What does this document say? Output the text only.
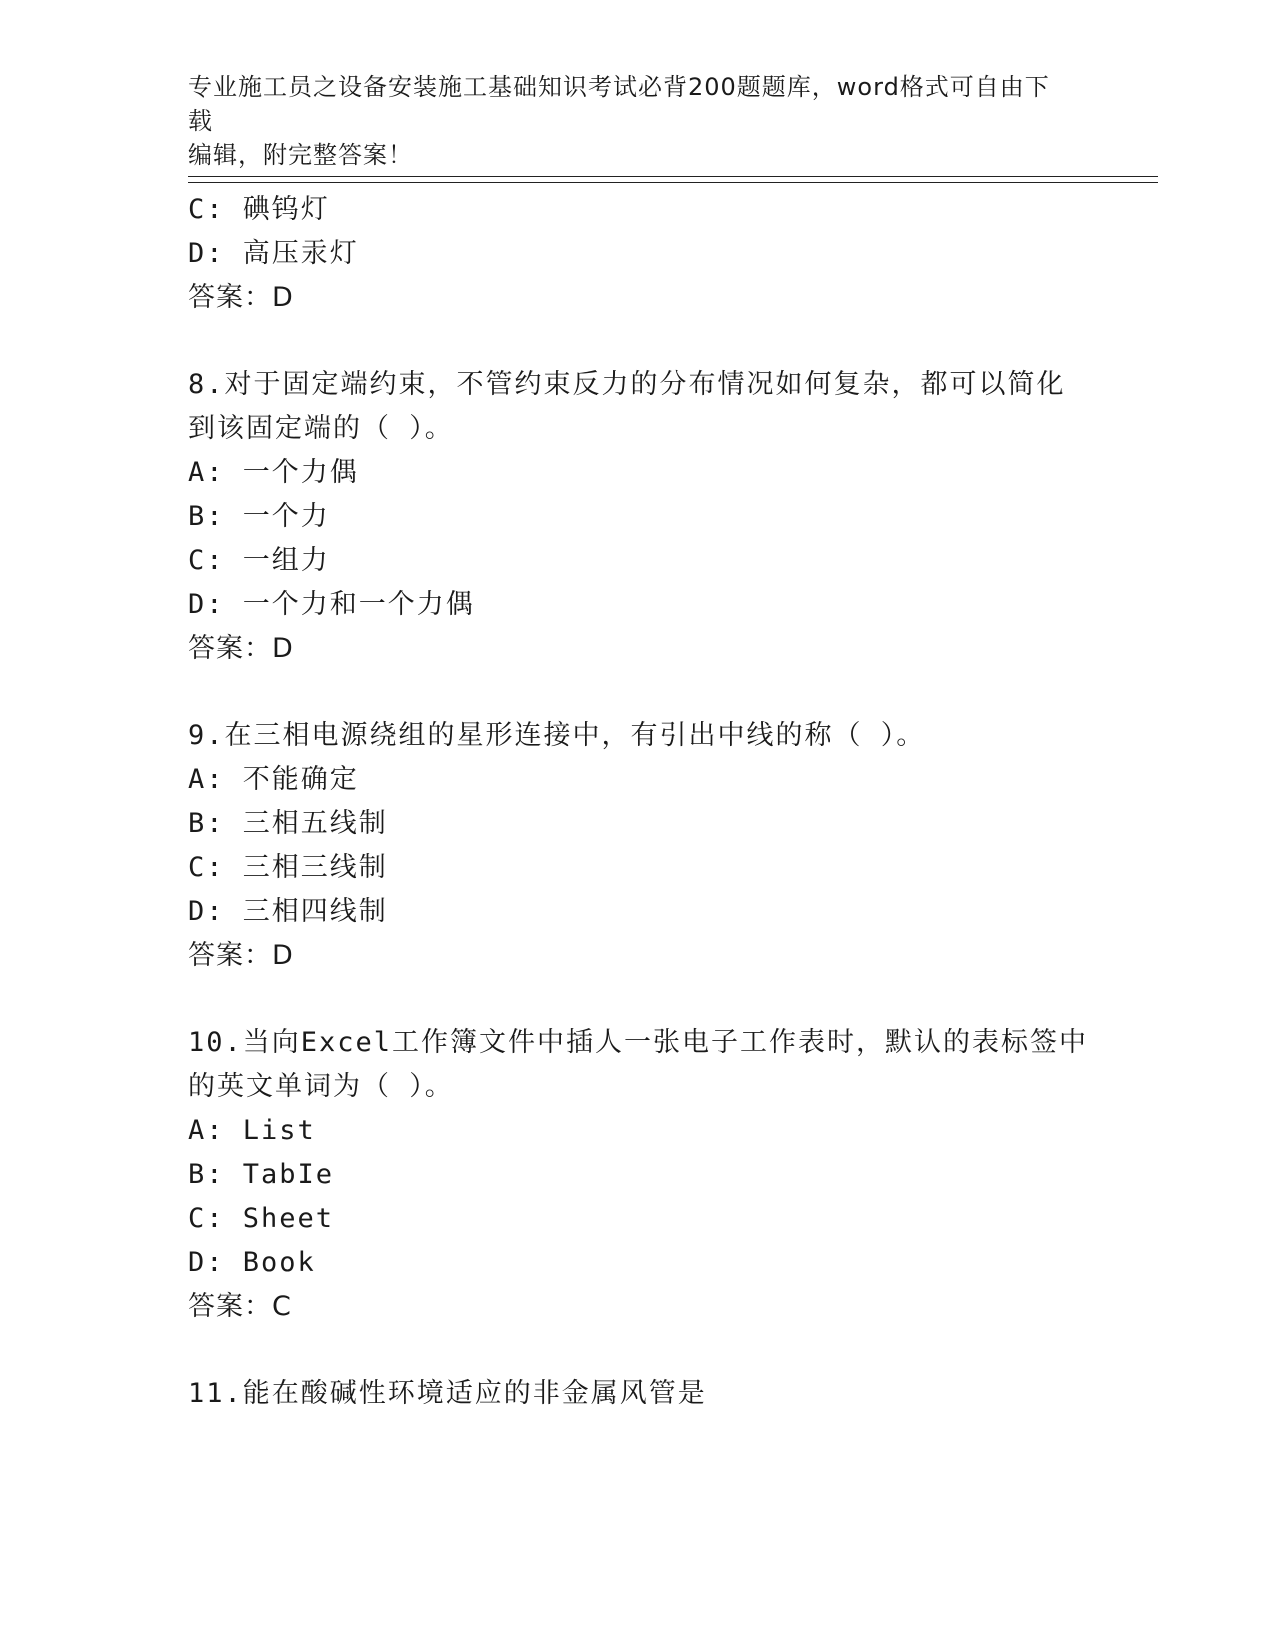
专业施工员之设备安装施工基础知识考试必背200题题库，word格式可自由下载
编辑，附完整答案！
C: 碘钨灯
D: 高压汞灯
答案：D
8.对于固定端约束，不管约束反力的分布情况如何复杂，都可以简化
到该固定端的（ ）。
A: 一个力偶
B: 一个力
C: 一组力
D: 一个力和一个力偶
答案：D
9.在三相电源绕组的星形连接中，有引出中线的称（ ）。
A: 不能确定
B: 三相五线制
C: 三相三线制
D: 三相四线制
答案：D
10.当向Excel工作簿文件中插人一张电子工作表时，默认的表标签中
的英文单词为（ ）。
A: List
B: TabIe
C: Sheet
D: Book
答案：C
11.能在酸碱性环境适应的非金属风管是
